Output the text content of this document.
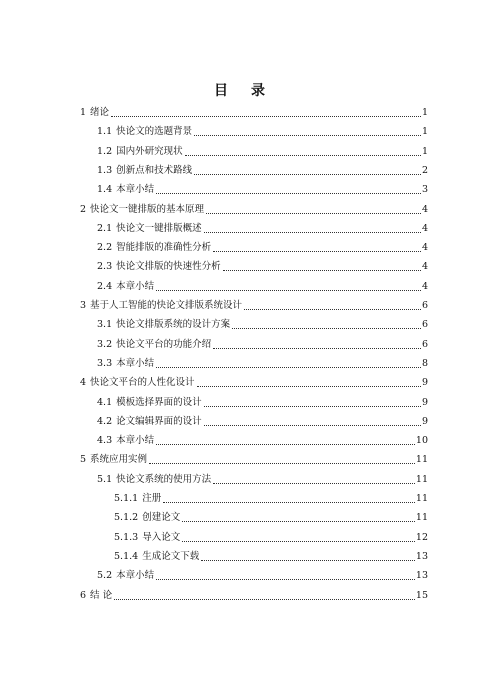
目 录
1 绪论	1
1.1 快论文的选题背景	1
1.2 国内外研究现状	1
1.3 创新点和技术路线	2
1.4 本章小结	3
2 快论文一键排版的基本原理	4
2.1 快论文一键排版概述	4
2.2 智能排版的准确性分析	4
2.3 快论文排版的快速性分析	4
2.4 本章小结	4
3 基于人工智能的快论文排版系统设计	6
3.1 快论文排版系统的设计方案	6
3.2 快论文平台的功能介绍	6
3.3 本章小结	8
4 快论文平台的人性化设计	9
4.1 模板选择界面的设计	9
4.2 论文编辑界面的设计	9
4.3 本章小结	10
5 系统应用实例	11
5.1 快论文系统的使用方法	11
5.1.1 注册	11
5.1.2 创建论文	11
5.1.3 导入论文	12
5.1.4 生成论文下载	13
5.2 本章小结	13
6 结 论	15
